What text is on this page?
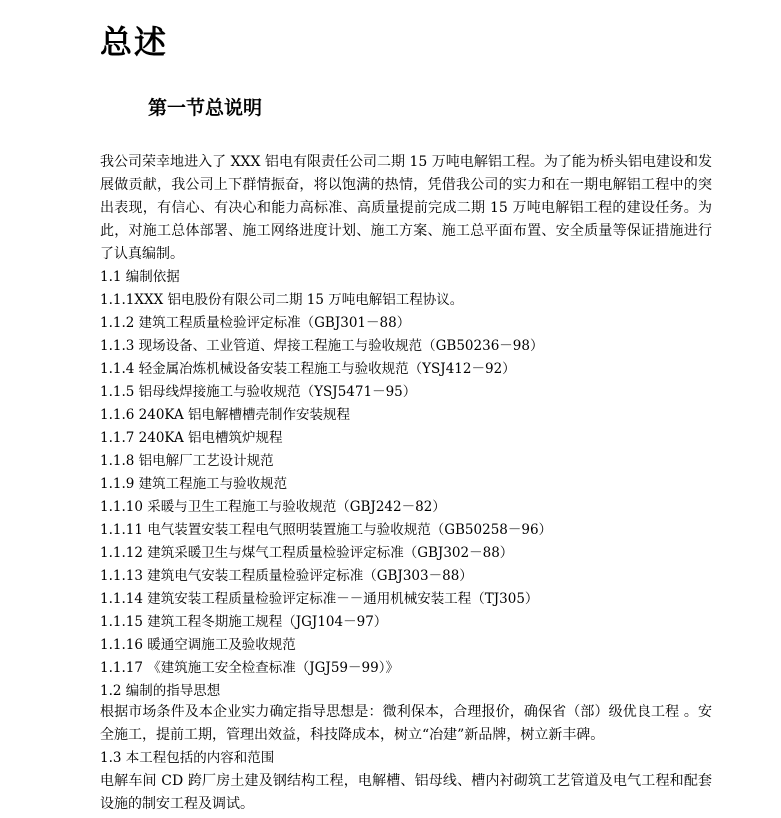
总述
第一节总说明

我公司荣幸地进入了 XXX 铝电有限责任公司二期 15 万吨电解铝工程。为了能为桥头铝电建设和发展做贡献，我公司上下群情振奋，将以饱满的热情，凭借我公司的实力和在一期电解铝工程中的突出表现，有信心、有决心和能力高标准、高质量提前完成二期 15 万吨电解铝工程的建设任务。为此，对施工总体部署、施工网络进度计划、施工方案、施工总平面布置、安全质量等保证措施进行了认真编制。

1.1 编制依据
1.1.1XXX 铝电股份有限公司二期 15 万吨电解铝工程协议。
1.1.2 建筑工程质量检验评定标准（GBJ301－88）
1.1.3 现场设备、工业管道、焊接工程施工与验收规范（GB50236－98）
1.1.4 轻金属冶炼机械设备安装工程施工与验收规范（YSJ412－92）
1.1.5 铝母线焊接施工与验收规范（YSJ5471－95）
1.1.6 240KA 铝电解槽槽壳制作安装规程
1.1.7 240KA 铝电槽筑炉规程
1.1.8 铝电解厂工艺设计规范
1.1.9 建筑工程施工与验收规范
1.1.10 采暖与卫生工程施工与验收规范（GBJ242－82）
1.1.11 电气装置安装工程电气照明装置施工与验收规范（GB50258－96）
1.1.12 建筑采暖卫生与煤气工程质量检验评定标准（GBJ302－88）
1.1.13 建筑电气安装工程质量检验评定标准（GBJ303－88）
1.1.14 建筑安装工程质量检验评定标准－－通用机械安装工程（TJ305）
1.1.15 建筑工程冬期施工规程（JGJ104－97）
1.1.16 暖通空调施工及验收规范
1.1.17 《建筑施工安全检查标准（JGJ59－99）》
1.2 编制的指导思想

根据市场条件及本企业实力确定指导思想是：微利保本，合理报价，确保省（部）级优良工程 。安全施工，提前工期，管理出效益，科技降成本，树立“冶建”新品牌，树立新丰碑。

1.3 本工程包括的内容和范围

电解车间 CD 跨厂房土建及钢结构工程，电解槽、铝母线、槽内衬砌筑工艺管道及电气工程和配套设施的制安工程及调试。
